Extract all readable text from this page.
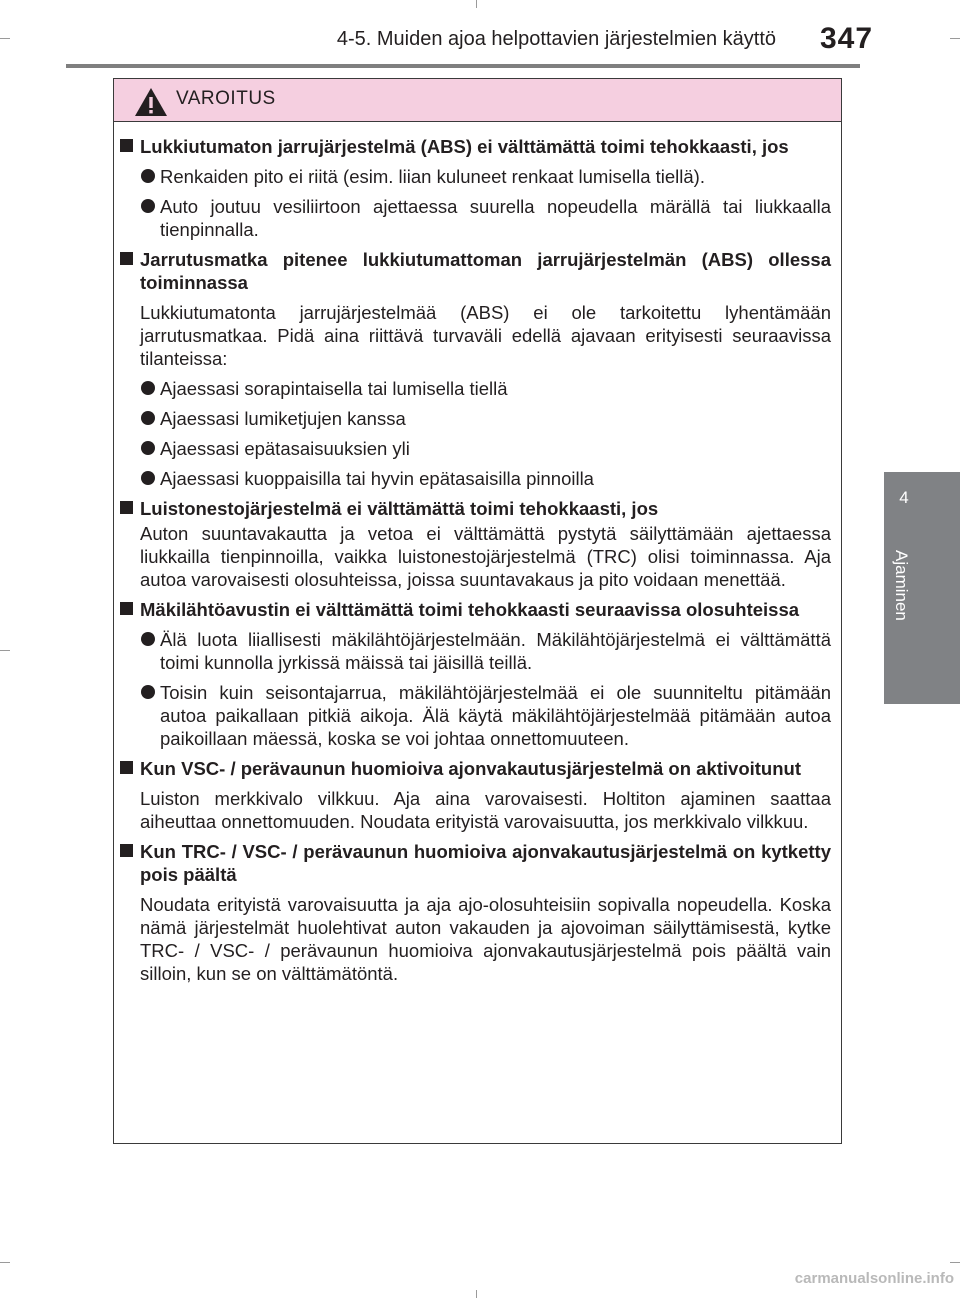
4-5. Muiden ajoa helpottavien järjestelmien käyttö 347
4
Ajaminen
VAROITUS
Lukkiutumaton jarrujärjestelmä (ABS) ei välttämättä toimi tehokkaasti, jos
Renkaiden pito ei riitä (esim. liian kuluneet renkaat lumisella tiellä).
Auto joutuu vesiliirtoon ajettaessa suurella nopeudella märällä tai liukkaalla tienpinnalla.
Jarrutusmatka pitenee lukkiutumattoman jarrujärjestelmän (ABS) ollessa toiminnassa
Lukkiutumatonta jarrujärjestelmää (ABS) ei ole tarkoitettu lyhentämään jarrutusmatkaa. Pidä aina riittävä turvaväli edellä ajavaan erityisesti seuraavissa tilanteissa:
Ajaessasi sorapintaisella tai lumisella tiellä
Ajaessasi lumiketjujen kanssa
Ajaessasi epätasaisuuksien yli
Ajaessasi kuoppaisilla tai hyvin epätasaisilla pinnoilla
Luistonestojärjestelmä ei välttämättä toimi tehokkaasti, jos
Auton suuntavakautta ja vetoa ei välttämättä pystytä säilyttämään ajettaessa liukkailla tienpinnoilla, vaikka luistonestojärjestelmä (TRC) olisi toiminnassa. Aja autoa varovaisesti olosuhteissa, joissa suuntavakaus ja pito voidaan menettää.
Mäkilähtöavustin ei välttämättä toimi tehokkaasti seuraavissa olosuhteissa
Älä luota liiallisesti mäkilähtöjärjestelmään. Mäkilähtöjärjestelmä ei välttämättä toimi kunnolla jyrkissä mäissä tai jäisillä teillä.
Toisin kuin seisontajarrua, mäkilähtöjärjestelmää ei ole suunniteltu pitämään autoa paikallaan pitkiä aikoja. Älä käytä mäkilähtöjärjestelmää pitämään autoa paikoillaan mäessä, koska se voi johtaa onnettomuuteen.
Kun VSC- / perävaunun huomioiva ajonvakautusjärjestelmä on aktivoitunut
Luiston merkkivalo vilkkuu. Aja aina varovaisesti. Holtiton ajaminen saattaa aiheuttaa onnettomuuden. Noudata erityistä varovaisuutta, jos merkkivalo vilkkuu.
Kun TRC- / VSC- / perävaunun huomioiva ajonvakautusjärjestelmä on kytketty pois päältä
Noudata erityistä varovaisuutta ja aja ajo-olosuhteisiin sopivalla nopeudella. Koska nämä järjestelmät huolehtivat auton vakauden ja ajovoiman säilyttämisestä, kytke TRC- / VSC- / perävaunun huomioiva ajonvakautusjärjestelmä pois päältä vain silloin, kun se on välttämätöntä.
carmanualsonline.info
